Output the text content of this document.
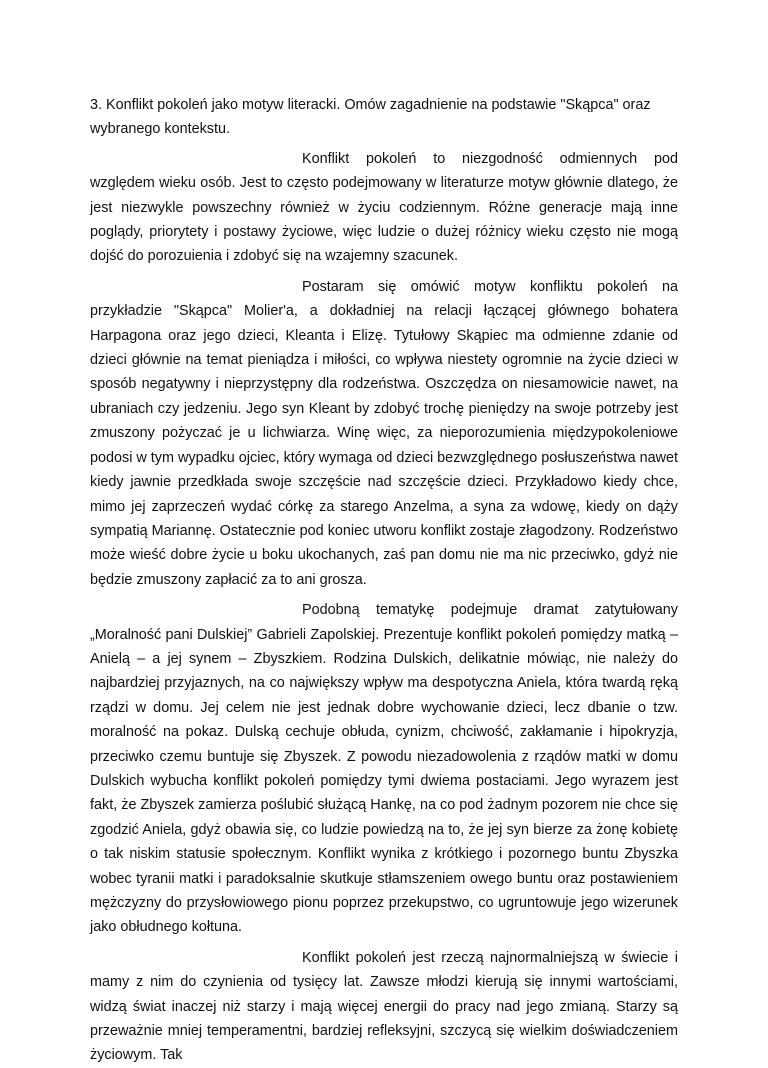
3. Konflikt pokoleń jako motyw literacki. Omów zagadnienie na podstawie "Skąpca" oraz wybranego kontekstu.

Konflikt pokoleń to niezgodność odmiennych pod względem wieku osób. Jest to często podejmowany w literaturze motyw głównie dlatego, że jest niezwykle powszechny również w życiu codziennym. Różne generacje mają inne poglądy, priorytety i postawy życiowe, więc ludzie o dużej różnicy wieku często nie mogą dojść do porozuienia i zdobyć się na wzajemny szacunek.

Postaram się omówić motyw konfliktu pokoleń na przykładzie "Skąpca" Molier'a, a dokładniej na relacji łączącej głównego bohatera Harpagona oraz jego dzieci, Kleanta i Elizę. Tytułowy Skąpiec ma odmienne zdanie od dzieci głównie na temat pieniądza i miłości, co wpływa niestety ogromnie na życie dzieci w sposób negatywny i nieprzystępny dla rodzeństwa. Oszczędza on niesamowicie nawet, na ubraniach czy jedzeniu. Jego syn Kleant by zdobyć trochę pieniędzy na swoje potrzeby jest zmuszony pożyczać je u lichwiarza. Winę więc, za nieporozumienia międzypokoleniowe podosi w tym wypadku ojciec, który wymaga od dzieci bezwzględnego posłuszeństwa nawet kiedy jawnie przedkłada swoje szczęście nad szczęście dzieci. Przykładowo kiedy chce, mimo jej zaprzeczeń wydać córkę za starego Anzelma, a syna za wdowę, kiedy on dąży sympatią Mariannę. Ostatecznie pod koniec utworu konflikt zostaje złagodzony. Rodzeństwo może wieść dobre życie u boku ukochanych, zaś pan domu nie ma nic przeciwko, gdyż nie będzie zmuszony zapłacić za to ani grosza.

Podobną tematykę podejmuje dramat zatytułowany „Moralność pani Dulskiej” Gabrieli Zapolskiej. Prezentuje konflikt pokoleń pomiędzy matką – Anielą – a jej synem – Zbyszkiem. Rodzina Dulskich, delikatnie mówiąc, nie należy do najbardziej przyjaznych, na co największy wpływ ma despotyczna Aniela, która twardą ręką rządzi w domu. Jej celem nie jest jednak dobre wychowanie dzieci, lecz dbanie o tzw. moralność na pokaz. Dulską cechuje obłuda, cynizm, chciwość, zakłamanie i hipokryzja, przeciwko czemu buntuje się Zbyszek. Z powodu niezadowolenia z rządów matki w domu Dulskich wybucha konflikt pokoleń pomiędzy tymi dwiema postaciami. Jego wyrazem jest fakt, że Zbyszek zamierza poślubić służącą Hankę, na co pod żadnym pozorem nie chce się zgodzić Aniela, gdyż obawia się, co ludzie powiedzą na to, że jej syn bierze za żonę kobietę o tak niskim statusie społecznym. Konflikt wynika z krótkiego i pozornego buntu Zbyszka wobec tyranii matki i paradoksalnie skutkuje stłamszeniem owego buntu oraz postawieniem mężczyzny do przysłowiowego pionu poprzez przekupstwo, co ugruntowuje jego wizerunek jako obłudnego kołtuna.

Konflikt pokoleń jest rzeczą najnormalniejszą w świecie i mamy z nim do czynienia od tysięcy lat. Zawsze młodzi kierują się innymi wartościami, widzą świat inaczej niż starzy i mają więcej energii do pracy nad jego zmianą. Starzy są przeważnie mniej temperamentni, bardziej refleksyjni, szczycą się wielkim doświadczeniem życiowym. Tak
